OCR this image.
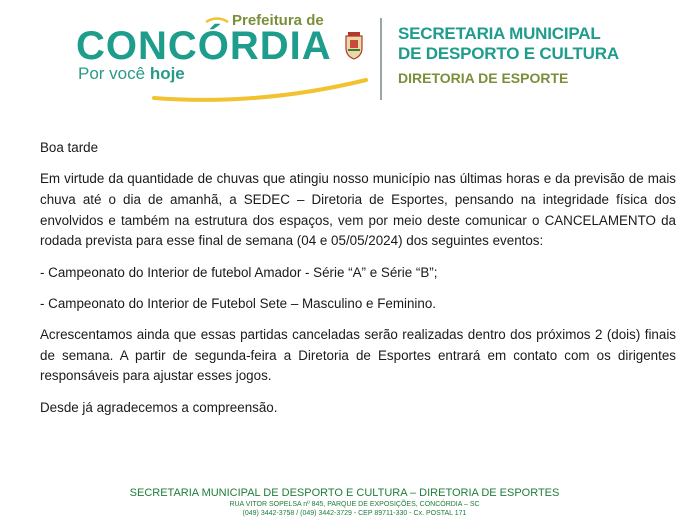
Prefeitura de
CONCÓRDIA
Por você hoje
SECRETARIA MUNICIPAL
DE DESPORTO E CULTURA
DIRETORIA DE ESPORTE

Boa tarde

Em virtude da quantidade de chuvas que atingiu nosso município nas últimas horas e da previsão de mais chuva até o dia de amanhã, a SEDEC – Diretoria de Esportes, pensando na integridade física dos envolvidos e também na estrutura dos espaços, vem por meio deste comunicar o CANCELAMENTO da rodada prevista para esse final de semana (04 e 05/05/2024) dos seguintes eventos:

- Campeonato do Interior de futebol Amador - Série “A” e Série “B”;

- Campeonato do Interior de Futebol Sete – Masculino e Feminino.

Acrescentamos ainda que essas partidas canceladas serão realizadas dentro dos próximos 2 (dois) finais de semana. A partir de segunda-feira a Diretoria de Esportes entrará em contato com os dirigentes responsáveis para ajustar esses jogos.

Desde já agradecemos a compreensão.

SECRETARIA MUNICIPAL DE DESPORTO E CULTURA – DIRETORIA DE ESPORTES
RUA VITOR SOPELSA nº 845, PARQUE DE EXPOSIÇÕES, CONCÓRDIA – SC
(049) 3442-3758 / (049) 3442-3729 - CEP 89711-330 - Cx. POSTAL 171
